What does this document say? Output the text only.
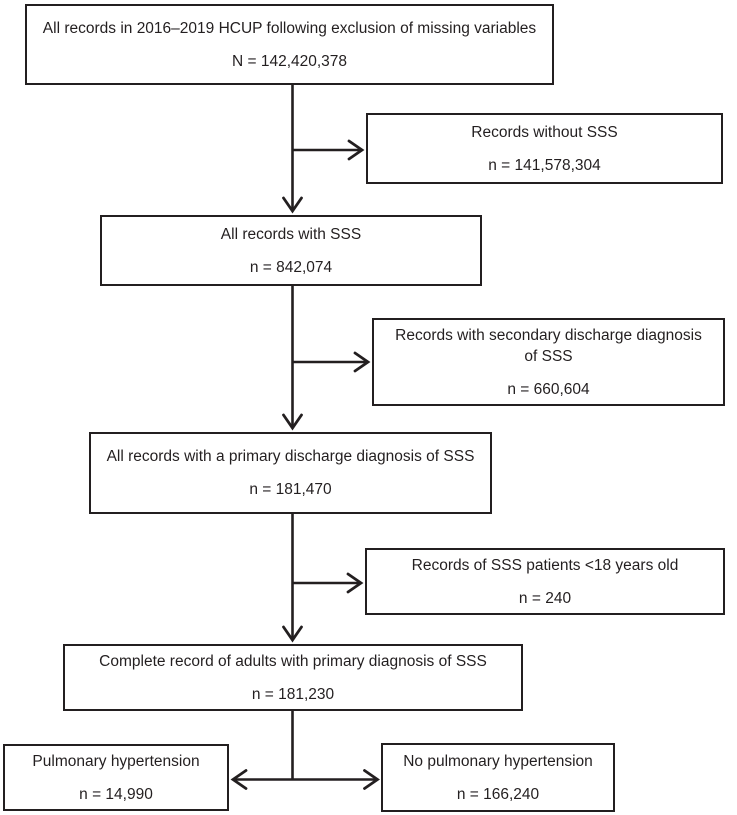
All records in 2016–2019 HCUP following exclusion of missing variables
N = 142,420,378
Records without SSS
n = 141,578,304
All records with SSS
n = 842,074
Records with secondary discharge diagnosis of SSS
n = 660,604
All records with a primary discharge diagnosis of SSS
n = 181,470
Records of SSS patients <18 years old
n = 240
Complete record of adults with primary diagnosis of SSS
n = 181,230
Pulmonary hypertension
n = 14,990
No pulmonary hypertension
n = 166,240
